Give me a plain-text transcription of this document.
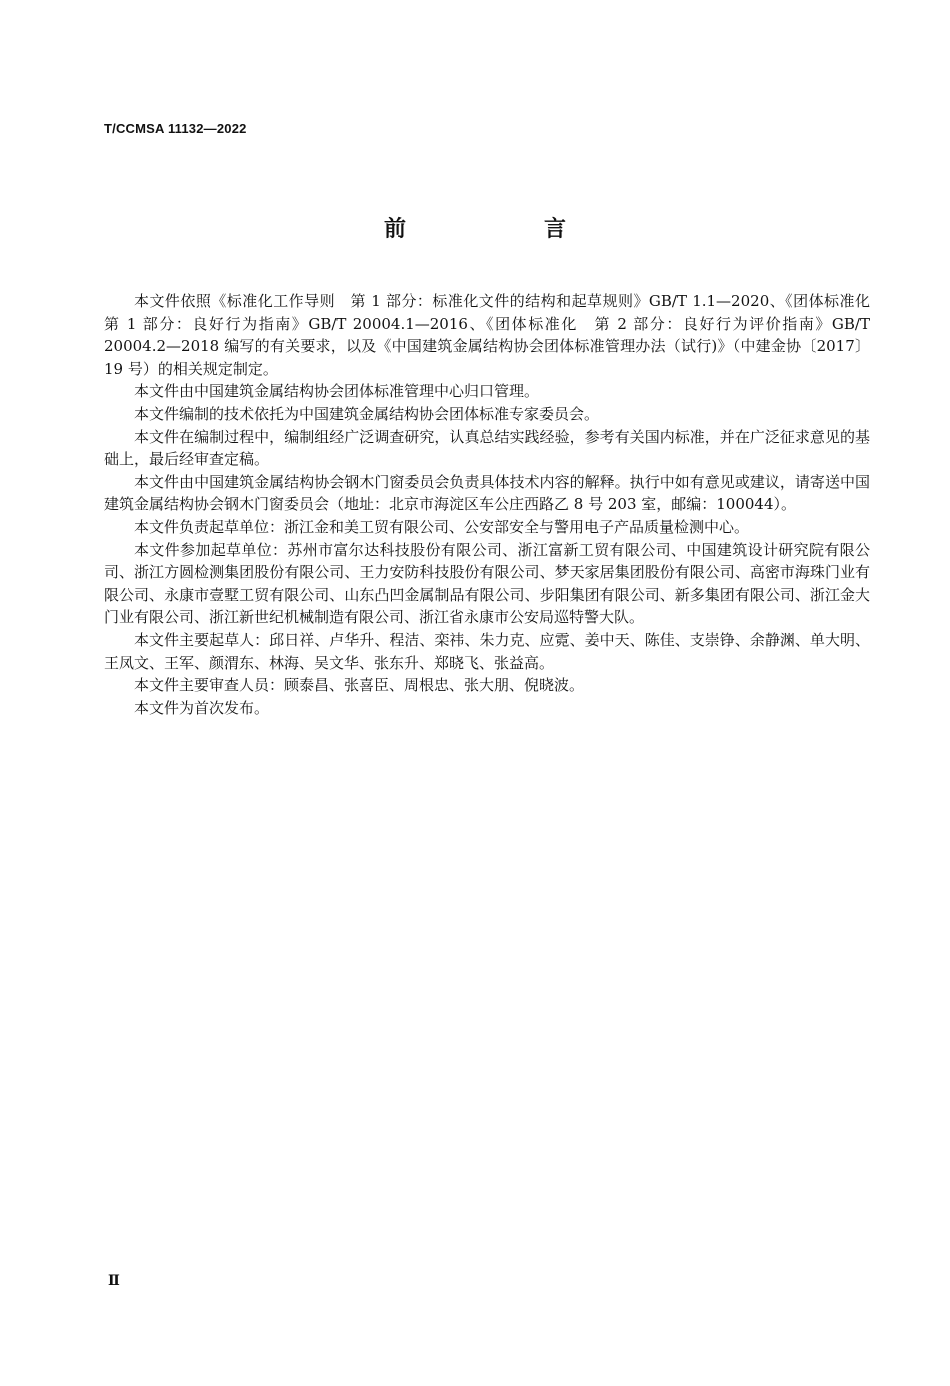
T/CCMSA 11132—2022
前　言

本文件依照《标准化工作导则　第 1 部分：标准化文件的结构和起草规则》GB/T 1.1—2020、《团体标准化　第 1 部分：良好行为指南》GB/T 20004.1—2016、《团体标准化　第 2 部分：良好行为评价指南》GB/T 20004.2—2018 编写的有关要求，以及《中国建筑金属结构协会团体标准管理办法（试行)》（中建金协〔2017〕19 号）的相关规定制定。

本文件由中国建筑金属结构协会团体标准管理中心归口管理。

本文件编制的技术依托为中国建筑金属结构协会团体标准专家委员会。

本文件在编制过程中，编制组经广泛调查研究，认真总结实践经验，参考有关国内标准，并在广泛征求意见的基础上，最后经审查定稿。

本文件由中国建筑金属结构协会钢木门窗委员会负责具体技术内容的解释。执行中如有意见或建议，请寄送中国建筑金属结构协会钢木门窗委员会（地址：北京市海淀区车公庄西路乙 8 号 203 室，邮编：100044）。

本文件负责起草单位：浙江金和美工贸有限公司、公安部安全与警用电子产品质量检测中心。

本文件参加起草单位：苏州市富尔达科技股份有限公司、浙江富新工贸有限公司、中国建筑设计研究院有限公司、浙江方圆检测集团股份有限公司、王力安防科技股份有限公司、梦天家居集团股份有限公司、高密市海珠门业有限公司、永康市壹墅工贸有限公司、山东凸凹金属制品有限公司、步阳集团有限公司、新多集团有限公司、浙江金大门业有限公司、浙江新世纪机械制造有限公司、浙江省永康市公安局巡特警大队。

本文件主要起草人：邱日祥、卢华升、程洁、栾祎、朱力克、应霓、姜中天、陈佳、支崇铮、余静渊、单大明、王凤文、王军、颜渭东、林海、吴文华、张东升、郑晓飞、张益高。

本文件主要审查人员：顾泰昌、张喜臣、周根忠、张大朋、倪晓波。

本文件为首次发布。

Ⅱ
